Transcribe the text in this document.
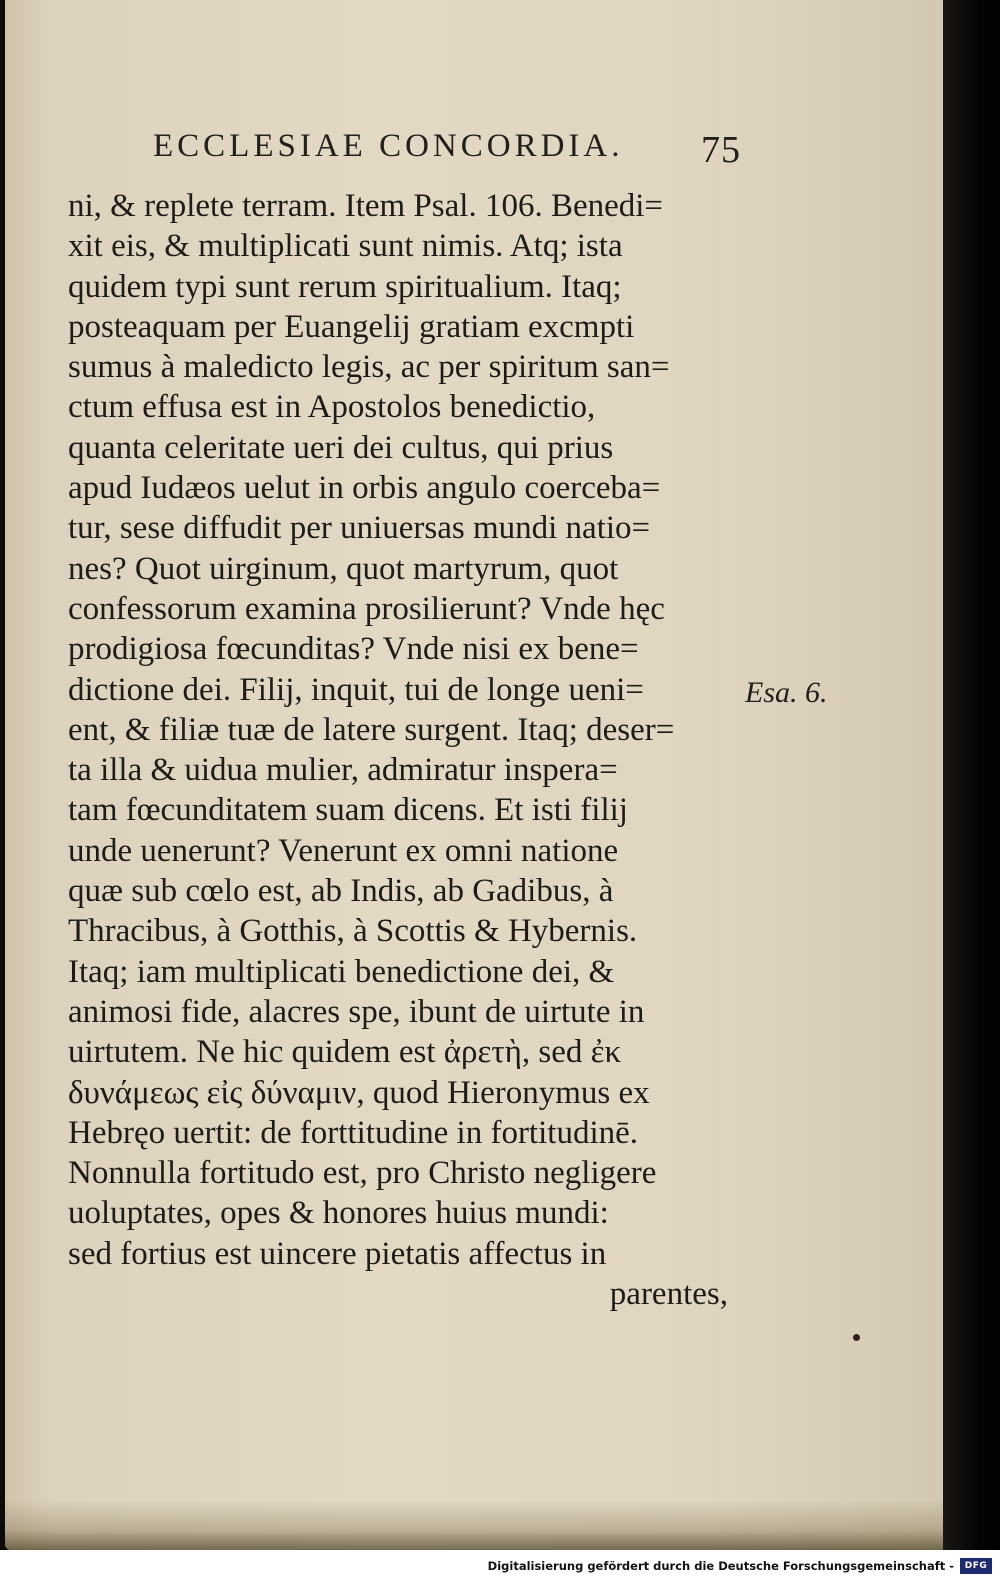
ECCLESIAE CONCORDIA. 75
ni, & replete terram. Item Psal. 106. Benedi=
xit eis, & multiplicati sunt nimis. Atq; ista
quidem typi sunt rerum spiritualium. Itaq;
posteaquam per Euangelij gratiam excmpti
sumus à maledicto legis, ac per spiritum san=
ctum effusa est in Apostolos benedictio,
quanta celeritate ueri dei cultus, qui prius
apud Iudæos uelut in orbis angulo coerceba=
tur, sese diffudit per uniuersas mundi natio=
nes? Quot uirginum, quot martyrum, quot
confessorum examina prosilierunt? Vnde hęc
prodigiosa fœcunditas? Vnde nisi ex bene=
dictione dei. Filij, inquit, tui de longe ueni=
ent, & filiæ tuæ de latere surgent. Itaq; deser=
ta illa & uidua mulier, admiratur insperа=
tam fœcunditatem suam dicens. Et isti filij
unde uenerunt? Venerunt ex omni natione
quæ sub cœlo est, ab Indis, ab Gadibus, à
Thracibus, à Gotthis, à Scottis & Hybernis.
Itaq; iam multiplicati benedictione dei, &
animosi fide, alacres spe, ibunt de uirtute in
uirtutem. Ne hic quidem est ἀρετὴ, sed ἐκ
δυνάμεως εἰς δύναμιν, quod Hieronymus ex
Hebręo uertit: de forttitudine in fortitudinē.
Nonnulla fortitudo est, pro Christo negligere
uoluptates, opes & honores huius mundi:
sed fortius est uincere pietatis affectus in
parentes,
Esa. 6.
Digitalisierung gefördert durch die Deutsche Forschungsgemeinschaft -	DFG
